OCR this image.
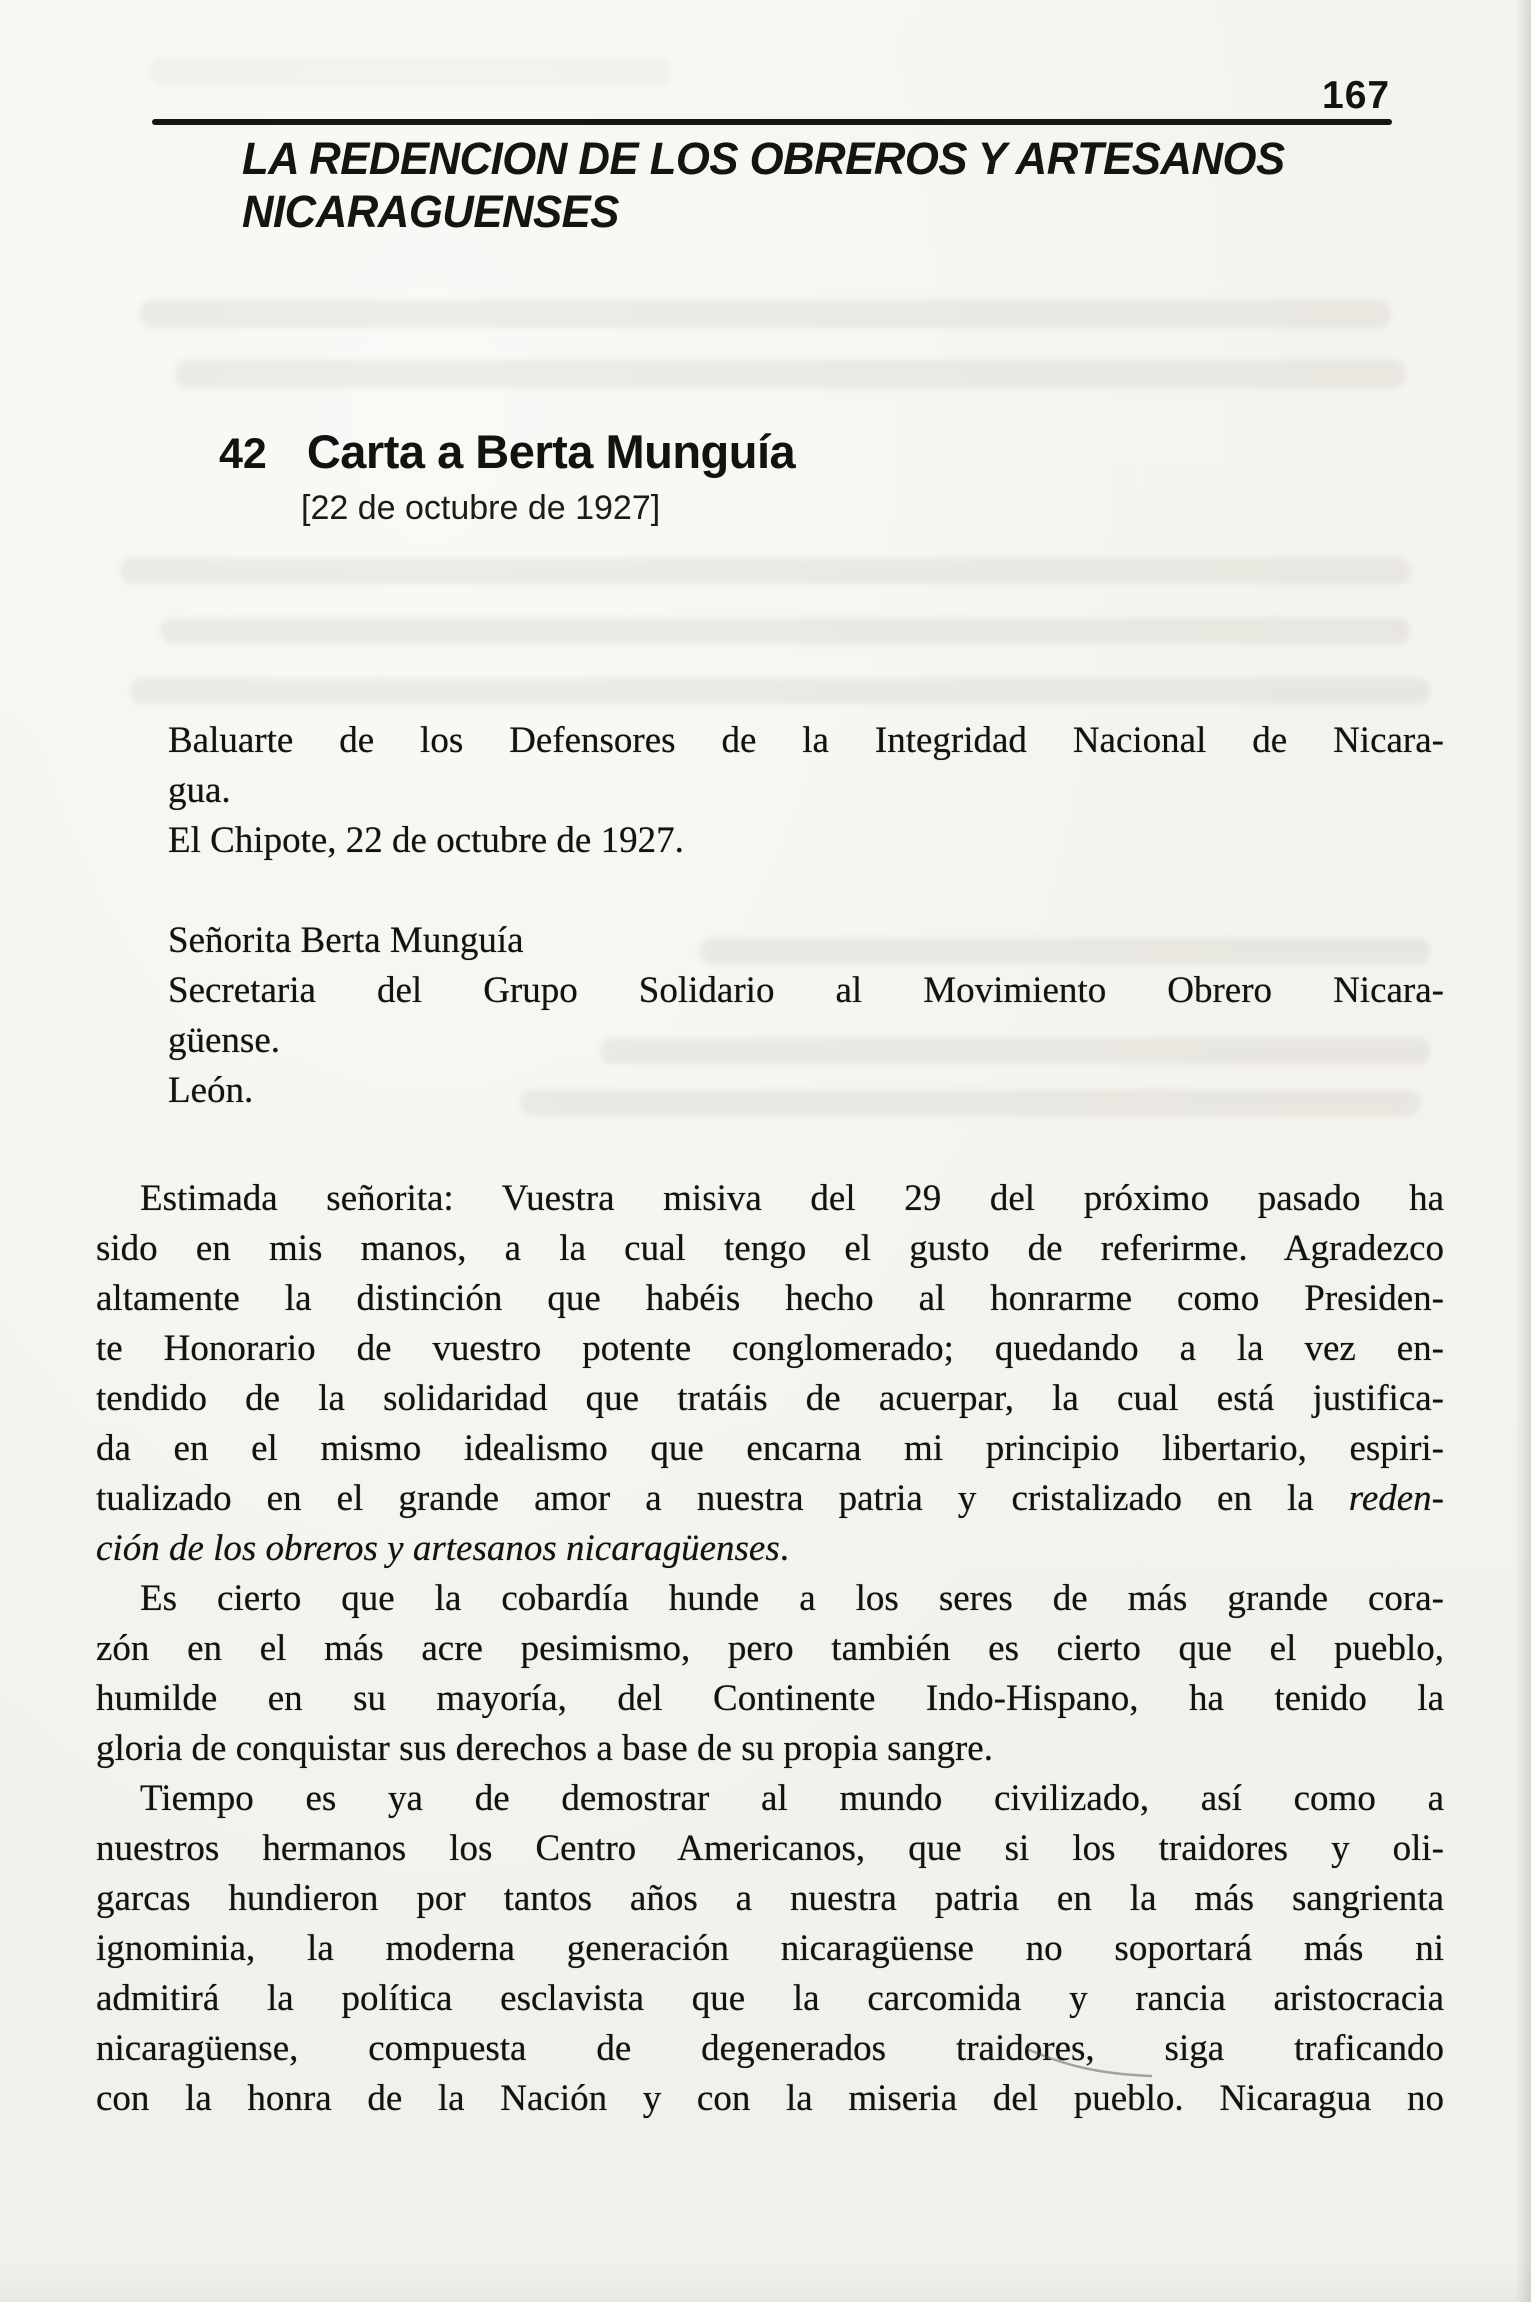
167
LA REDENCION DE LOS OBREROS Y ARTESANOS
NICARAGUENSES
42 Carta a Berta Munguía
[22 de octubre de 1927]
Baluarte de los Defensores de la Integridad Nacional de Nicara-
gua.
El Chipote, 22 de octubre de 1927.
Señorita Berta Munguía
Secretaria del Grupo Solidario al Movimiento Obrero Nicara-
güense.
León.
Estimada señorita: Vuestra misiva del 29 del próximo pasado ha
sido en mis manos, a la cual tengo el gusto de referirme. Agradezco
altamente la distinción que habéis hecho al honrarme como Presiden-
te Honorario de vuestro potente conglomerado; quedando a la vez en-
tendido de la solidaridad que tratáis de acuerpar, la cual está justifica-
da en el mismo idealismo que encarna mi principio libertario, espiri-
tualizado en el grande amor a nuestra patria y cristalizado en la reden-
ción de los obreros y artesanos nicaragüenses.
Es cierto que la cobardía hunde a los seres de más grande cora-
zón en el más acre pesimismo, pero también es cierto que el pueblo,
humilde en su mayoría, del Continente Indo-Hispano, ha tenido la
gloria de conquistar sus derechos a base de su propia sangre.
Tiempo es ya de demostrar al mundo civilizado, así como a
nuestros hermanos los Centro Americanos, que si los traidores y oli-
garcas hundieron por tantos años a nuestra patria en la más sangrienta
ignominia, la moderna generación nicaragüense no soportará más ni
admitirá la política esclavista que la carcomida y rancia aristocracia
nicaragüense, compuesta de degenerados traidores, siga traficando
con la honra de la Nación y con la miseria del pueblo. Nicaragua no
